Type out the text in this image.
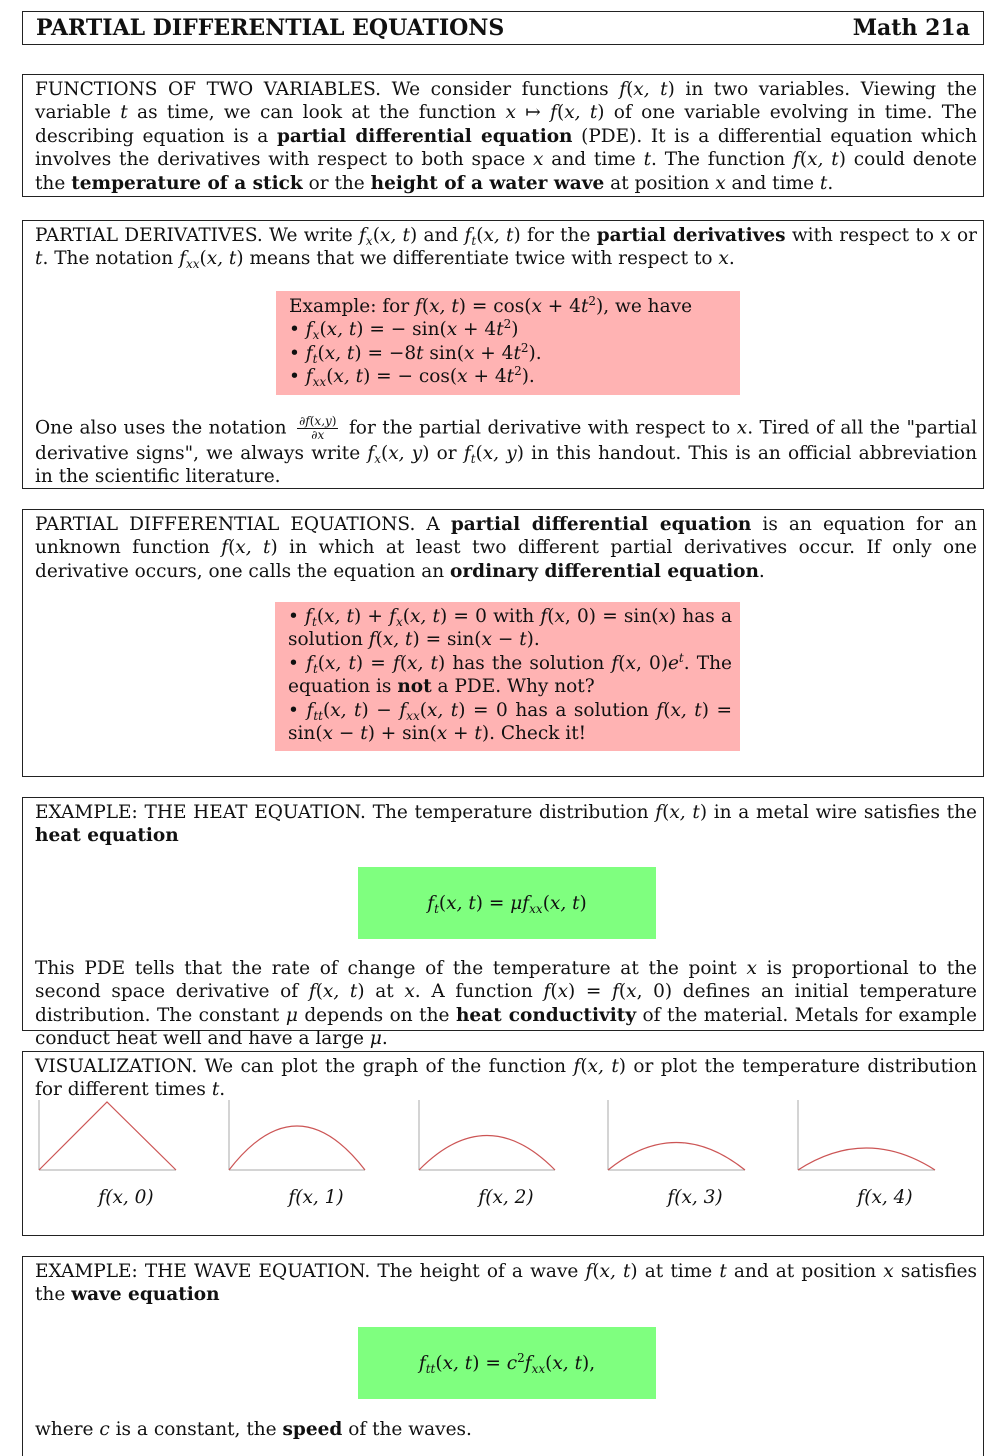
PARTIAL DIFFERENTIAL EQUATIONS	Math 21a

FUNCTIONS OF TWO VARIABLES. We consider functions f(x, t) in two variables. Viewing the variable t as time, we can look at the function x ↦ f(x, t) of one variable evolving in time. The describing equation is a partial differential equation (PDE). It is a differential equation which involves the derivatives with respect to both space x and time t. The function f(x, t) could denote the temperature of a stick or the height of a water wave at position x and time t.

PARTIAL DERIVATIVES. We write $f_x(x$, t) and $f_t(x$, t) for the partial derivatives with respect to x or t. The notation $f_{xx}(x$, t) means that we differentiate twice with respect to x.

Example: for f(x, $t) = \cos(x + 4t^2)$, we have
• $f_x(x$, t) = − $\sin(x + 4t^2)$
• $f_t(x$, t) = −8t $\sin(x + 4t^2)$.
• $f_{xx}(x$, t) = − $\cos(x + 4t^2)$.

One also uses the notation $\frac{\partial f(x,y)}{\partial x}$ for the partial derivative with respect to x. Tired of all the "partial derivative signs", we always write $f_x(x$, y) or $f_t(x$, y) in this handout. This is an official abbreviation in the scientific literature.

PARTIAL DIFFERENTIAL EQUATIONS. A partial differential equation is an equation for an unknown function f(x, t) in which at least two different partial derivatives occur. If only one derivative occurs, one calls the equation an ordinary differential equation.

• $f_t(x$, $t) + f_x(x$, t) = 0 with f(x, 0) = sin(x) has a solution f(x, t) = sin(x − t).
• $f_t(x$, t) = f(x, t) has the solution f(x, $0)e^t$. The equation is not a PDE. Why not?
• $f_{tt}(x$, $t) - f_{xx}(x$, t) = 0 has a solution f(x, t) = sin(x − t) + sin(x + t). Check it!

EXAMPLE: THE HEAT EQUATION. The temperature distribution f(x, t) in a metal wire satisfies the heat equation

$f_t(x$, $t) = \mu f_{xx}(x$, t)

This PDE tells that the rate of change of the temperature at the point x is proportional to the second space derivative of f(x, t) at x. A function f(x) = f(x, 0) defines an initial temperature distribution. The constant μ depends on the heat conductivity of the material. Metals for example conduct heat well and have a large μ.

VISUALIZATION. We can plot the graph of the function f(x, t) or plot the temperature distribution for different times t.

f(x, 0)	f(x, 1)	f(x, 2)	f(x, 3)	f(x, 4)

EXAMPLE: THE WAVE EQUATION. The height of a wave f(x, t) at time t and at position x satisfies the wave equation

$f_{tt}(x$, $t) = c^2f_{xx}(x$, t),

where c is a constant, the speed of the waves.
